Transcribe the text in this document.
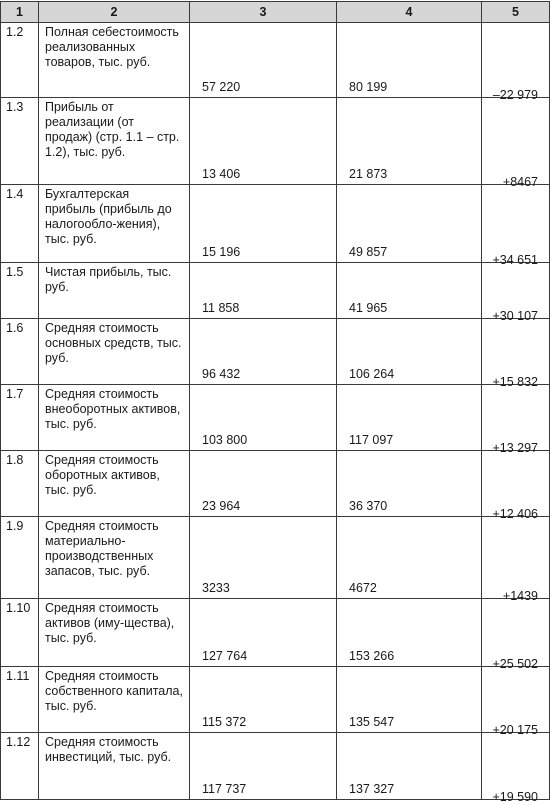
1	2	3	4	5

1.2	Полная себестоимость реализованных товаров, тыс. руб.	57 220	80 199	–22 979

1.3	Прибыль от реализации (от продаж) (стр. 1.1 – стр. 1.2), тыс. руб.	13 406	21 873	+8467

1.4	Бухгалтерская прибыль (прибыль до налогообло-жения), тыс. руб.	15 196	49 857	+34 651

1.5	Чистая прибыль, тыс. руб.	11 858	41 965	+30 107

1.6	Средняя стоимость основных средств, тыс. руб.	96 432	106 264	+15 832

1.7	Средняя стоимость внеоборотных активов, тыс. руб.	103 800	117 097	+13 297

1.8	Средняя стоимость оборотных активов, тыс. руб.	23 964	36 370	+12 406

1.9	Средняя стоимость материально-производственных запасов, тыс. руб.	3233	4672	+1439

1.10	Средняя стоимость активов (иму-щества), тыс. руб.	127 764	153 266	+25 502

1.11	Средняя стоимость собственного капитала, тыс. руб.	115 372	135 547	+20 175

1.12	Средняя стоимость инвестиций, тыс. руб.	117 737	137 327	+19 590
